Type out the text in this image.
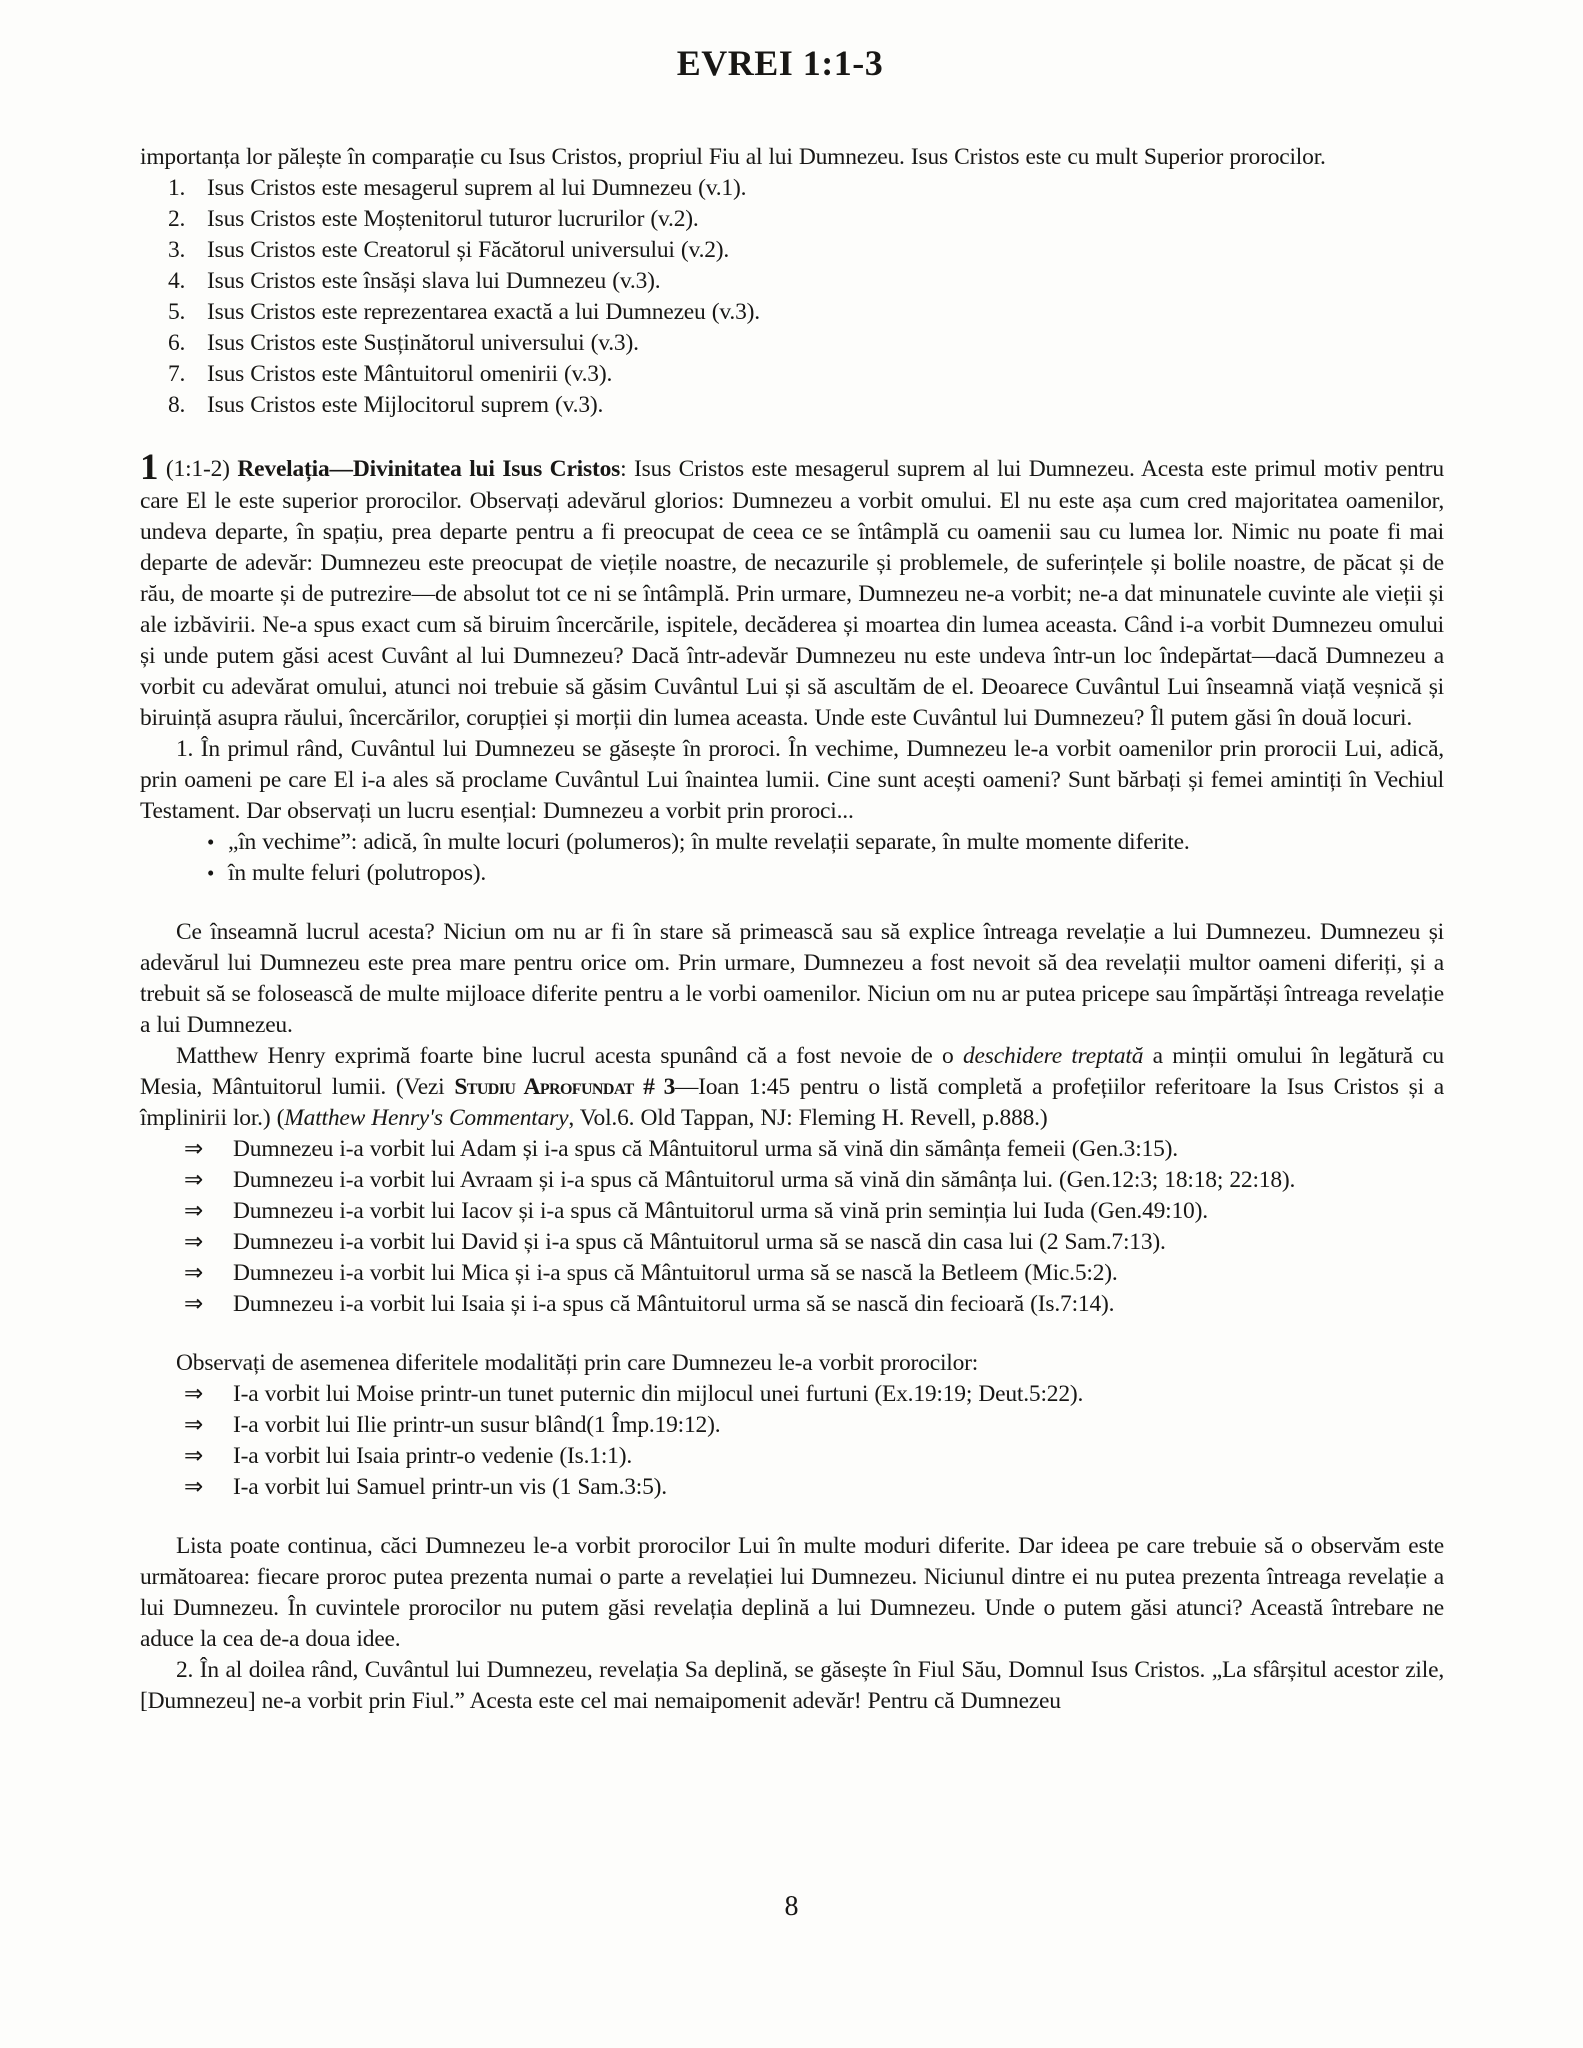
EVREI 1:1-3

importanța lor pălește în comparație cu Isus Cristos, propriul Fiu al lui Dumnezeu. Isus Cristos este cu mult Superior prorocilor.

1. Isus Cristos este mesagerul suprem al lui Dumnezeu (v.1).
2. Isus Cristos este Moștenitorul tuturor lucrurilor (v.2).
3. Isus Cristos este Creatorul și Făcătorul universului (v.2).
4. Isus Cristos este însăși slava lui Dumnezeu (v.3).
5. Isus Cristos este reprezentarea exactă a lui Dumnezeu (v.3).
6. Isus Cristos este Susținătorul universului (v.3).
7. Isus Cristos este Mântuitorul omenirii (v.3).
8. Isus Cristos este Mijlocitorul suprem (v.3).

1 (1:1-2) Revelația—Divinitatea lui Isus Cristos: Isus Cristos este mesagerul suprem al lui Dumnezeu. Acesta este primul motiv pentru care El le este superior prorocilor. Observați adevărul glorios: Dumnezeu a vorbit omului. El nu este așa cum cred majoritatea oamenilor, undeva departe, în spațiu, prea departe pentru a fi preocupat de ceea ce se întâmplă cu oamenii sau cu lumea lor. Nimic nu poate fi mai departe de adevăr: Dumnezeu este preocupat de viețile noastre, de necazurile și problemele, de suferințele și bolile noastre, de păcat și de rău, de moarte și de putrezire—de absolut tot ce ni se întâmplă. Prin urmare, Dumnezeu ne-a vorbit; ne-a dat minunatele cuvinte ale vieții și ale izbăvirii. Ne-a spus exact cum să biruim încercările, ispitele, decăderea și moartea din lumea aceasta. Când i-a vorbit Dumnezeu omului și unde putem găsi acest Cuvânt al lui Dumnezeu? Dacă într-adevăr Dumnezeu nu este undeva într-un loc îndepărtat—dacă Dumnezeu a vorbit cu adevărat omului, atunci noi trebuie să găsim Cuvântul Lui și să ascultăm de el. Deoarece Cuvântul Lui înseamnă viață veșnică și biruință asupra răului, încercărilor, corupției și morții din lumea aceasta. Unde este Cuvântul lui Dumnezeu? Îl putem găsi în două locuri.

1. În primul rând, Cuvântul lui Dumnezeu se găsește în proroci. În vechime, Dumnezeu le-a vorbit oamenilor prin prorocii Lui, adică, prin oameni pe care El i-a ales să proclame Cuvântul Lui înaintea lumii. Cine sunt acești oameni? Sunt bărbați și femei amintiți în Vechiul Testament. Dar observați un lucru esențial: Dumnezeu a vorbit prin proroci...

• „în vechime”: adică, în multe locuri (polumeros); în multe revelații separate, în multe momente diferite.
• în multe feluri (polutropos).

Ce înseamnă lucrul acesta? Niciun om nu ar fi în stare să primească sau să explice întreaga revelație a lui Dumnezeu. Dumnezeu și adevărul lui Dumnezeu este prea mare pentru orice om. Prin urmare, Dumnezeu a fost nevoit să dea revelații multor oameni diferiți, și a trebuit să se folosească de multe mijloace diferite pentru a le vorbi oamenilor. Niciun om nu ar putea pricepe sau împărtăși întreaga revelație a lui Dumnezeu.

Matthew Henry exprimă foarte bine lucrul acesta spunând că a fost nevoie de o deschidere treptată a minții omului în legătură cu Mesia, Mântuitorul lumii. (Vezi Studiu Aprofundat # 3—Ioan 1:45 pentru o listă completă a profețiilor referitoare la Isus Cristos și a împlinirii lor.) (Matthew Henry's Commentary, Vol.6. Old Tappan, NJ: Fleming H. Revell, p.888.)

⇒	Dumnezeu i-a vorbit lui Adam și i-a spus că Mântuitorul urma să vină din sămânța femeii (Gen.3:15).
⇒	Dumnezeu i-a vorbit lui Avraam și i-a spus că Mântuitorul urma să vină din sămânța lui. (Gen.12:3; 18:18; 22:18).
⇒	Dumnezeu i-a vorbit lui Iacov și i-a spus că Mântuitorul urma să vină prin seminția lui Iuda (Gen.49:10).
⇒	Dumnezeu i-a vorbit lui David și i-a spus că Mântuitorul urma să se nască din casa lui (2 Sam.7:13).
⇒	Dumnezeu i-a vorbit lui Mica și i-a spus că Mântuitorul urma să se nască la Betleem (Mic.5:2).
⇒	Dumnezeu i-a vorbit lui Isaia și i-a spus că Mântuitorul urma să se nască din fecioară (Is.7:14).

Observați de asemenea diferitele modalități prin care Dumnezeu le-a vorbit prorocilor:

⇒	I-a vorbit lui Moise printr-un tunet puternic din mijlocul unei furtuni (Ex.19:19; Deut.5:22).
⇒	I-a vorbit lui Ilie printr-un susur blând(1 Împ.19:12).
⇒	I-a vorbit lui Isaia printr-o vedenie (Is.1:1).
⇒	I-a vorbit lui Samuel printr-un vis (1 Sam.3:5).

Lista poate continua, căci Dumnezeu le-a vorbit prorocilor Lui în multe moduri diferite. Dar ideea pe care trebuie să o observăm este următoarea: fiecare proroc putea prezenta numai o parte a revelației lui Dumnezeu. Niciunul dintre ei nu putea prezenta întreaga revelație a lui Dumnezeu. În cuvintele prorocilor nu putem găsi revelația deplină a lui Dumnezeu. Unde o putem găsi atunci? Această întrebare ne aduce la cea de-a doua idee.

2. În al doilea rând, Cuvântul lui Dumnezeu, revelația Sa deplină, se găsește în Fiul Său, Domnul Isus Cristos. „La sfârșitul acestor zile, [Dumnezeu] ne-a vorbit prin Fiul.” Acesta este cel mai nemaipomenit adevăr! Pentru că Dumnezeu

8
